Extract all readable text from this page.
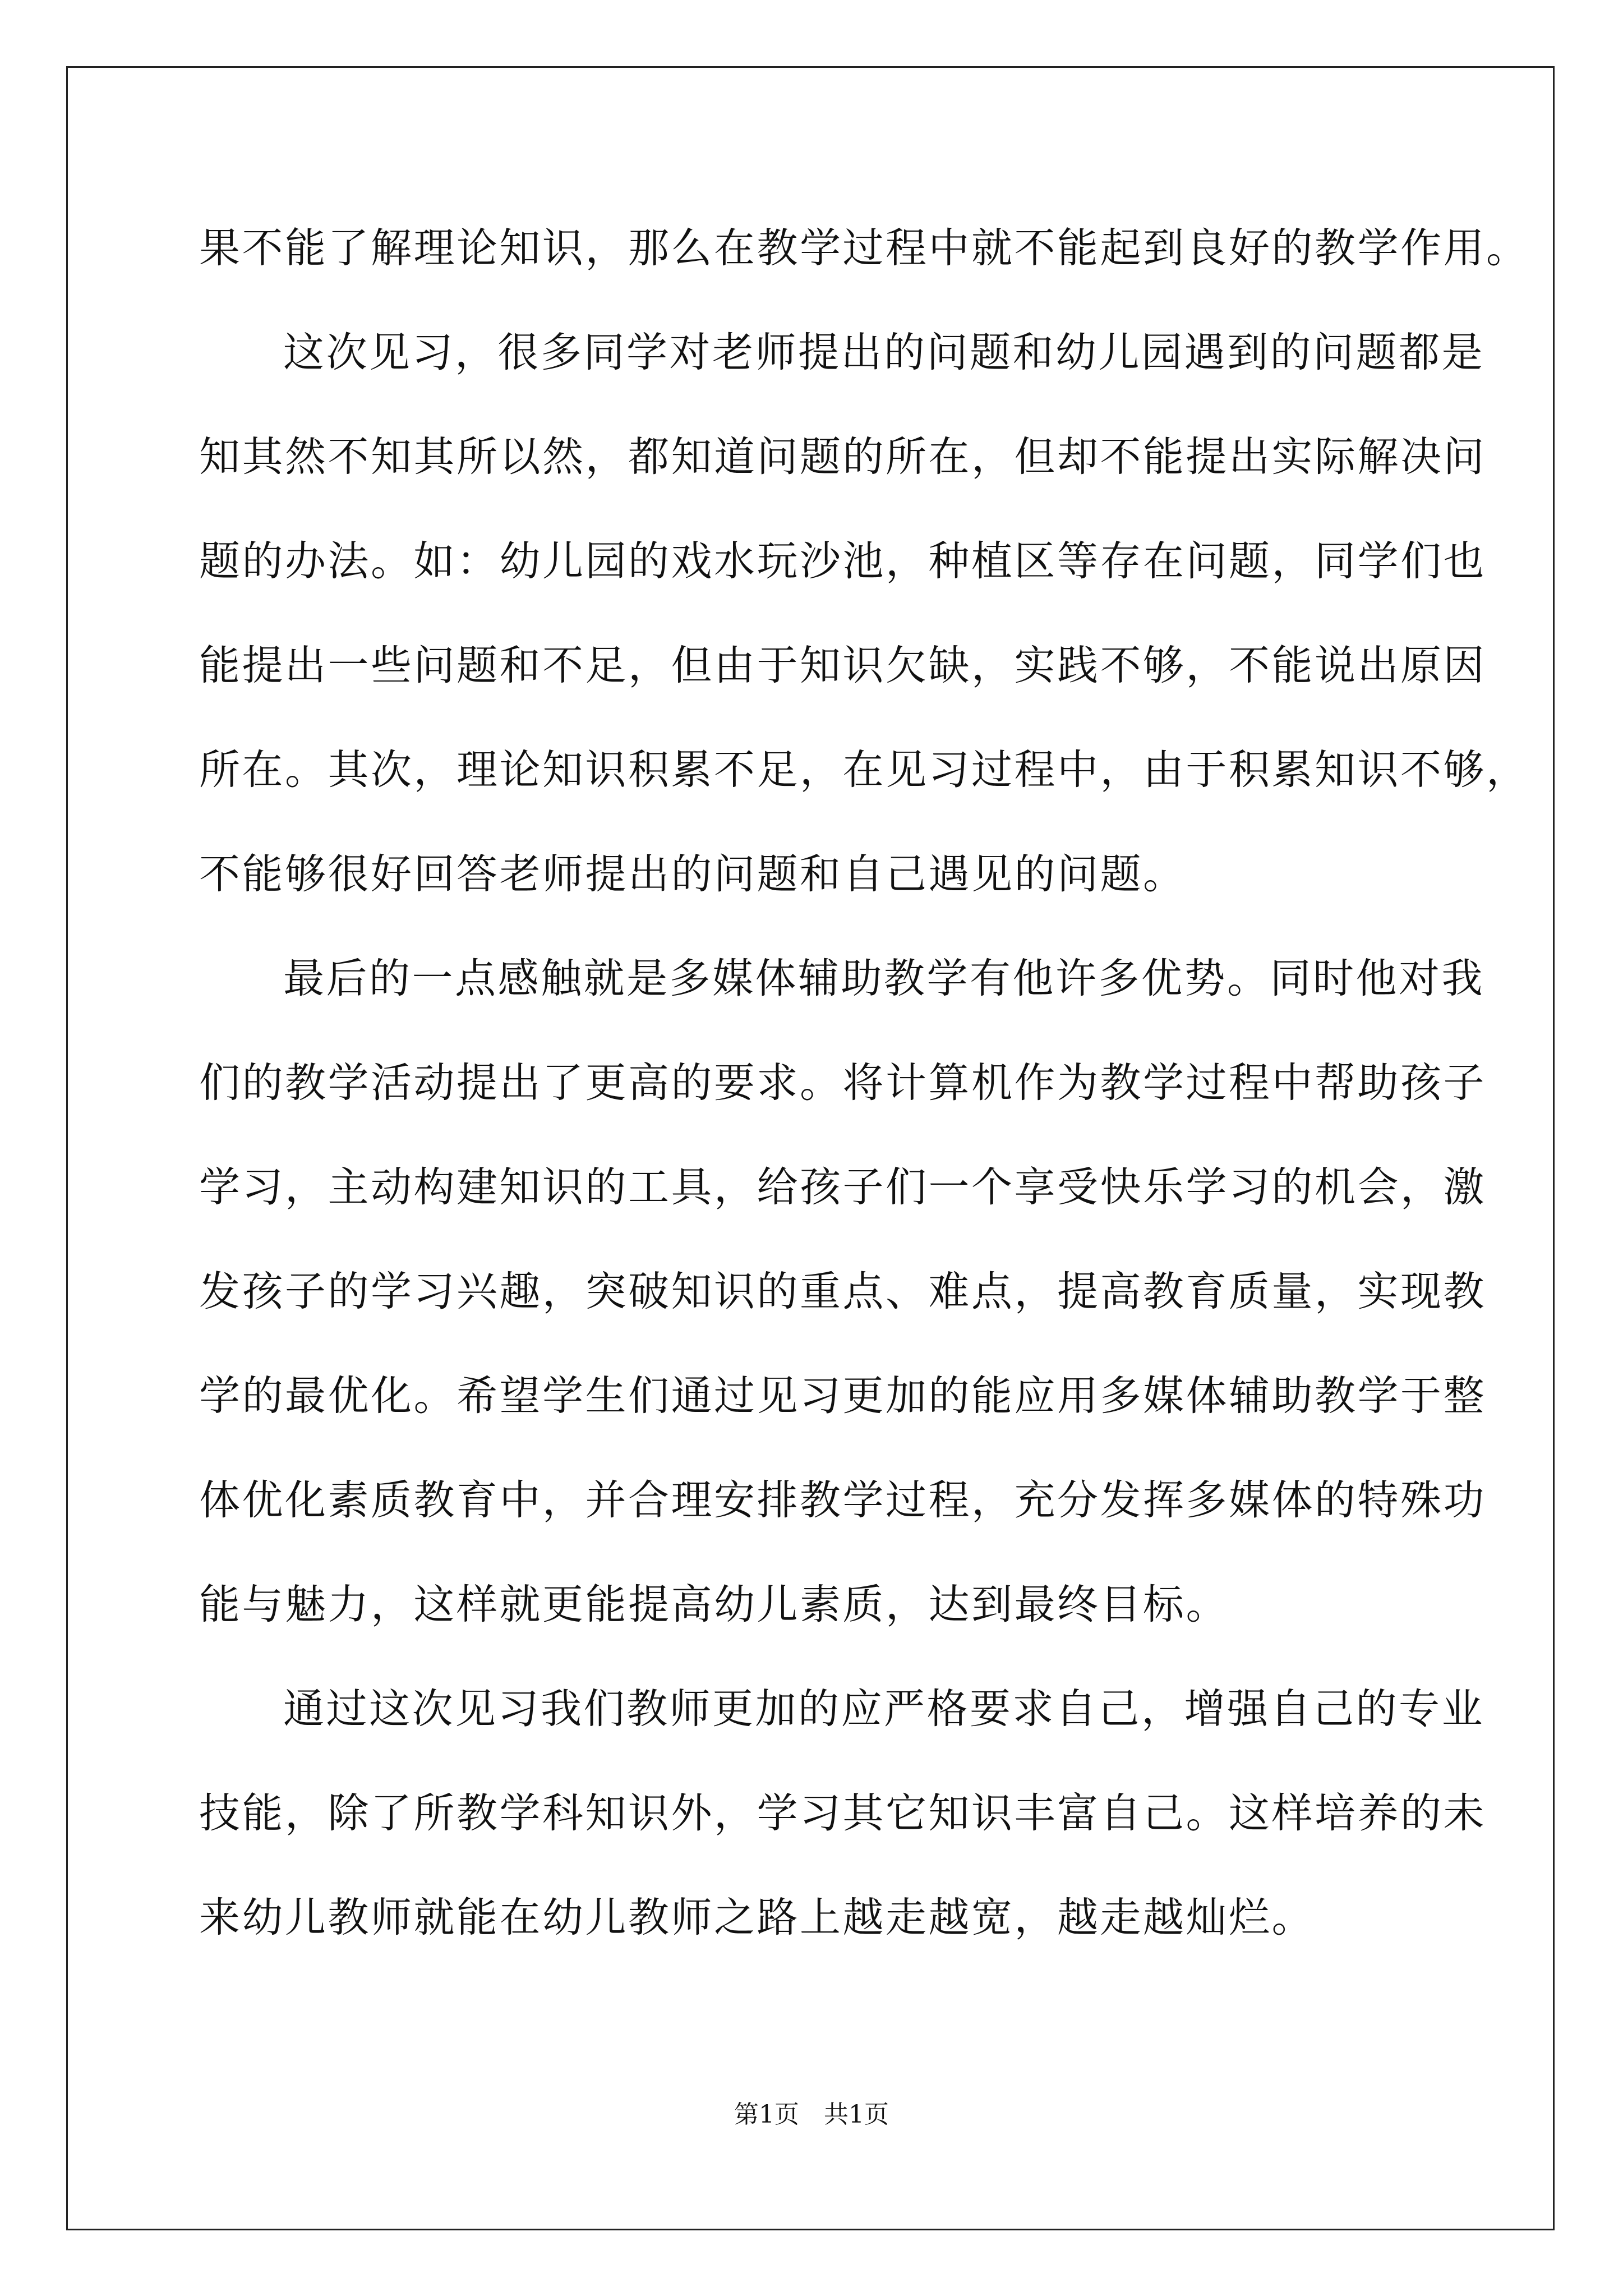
果不能了解理论知识，那么在教学过程中就不能起到良好的教学作用。
这次见习，很多同学对老师提出的问题和幼儿园遇到的问题都是
知其然不知其所以然，都知道问题的所在，但却不能提出实际解决问
题的办法。如：幼儿园的戏水玩沙池，种植区等存在问题，同学们也
能提出一些问题和不足，但由于知识欠缺，实践不够，不能说出原因
所在。其次，理论知识积累不足，在见习过程中，由于积累知识不够，
不能够很好回答老师提出的问题和自己遇见的问题。
最后的一点感触就是多媒体辅助教学有他许多优势。同时他对我
们的教学活动提出了更高的要求。将计算机作为教学过程中帮助孩子
学习，主动构建知识的工具，给孩子们一个享受快乐学习的机会，激
发孩子的学习兴趣，突破知识的重点、难点，提高教育质量，实现教
学的最优化。希望学生们通过见习更加的能应用多媒体辅助教学于整
体优化素质教育中，并合理安排教学过程，充分发挥多媒体的特殊功
能与魅力，这样就更能提高幼儿素质，达到最终目标。
通过这次见习我们教师更加的应严格要求自己，增强自己的专业
技能，除了所教学科知识外，学习其它知识丰富自己。这样培养的未
来幼儿教师就能在幼儿教师之路上越走越宽，越走越灿烂。
第1页　共1页
